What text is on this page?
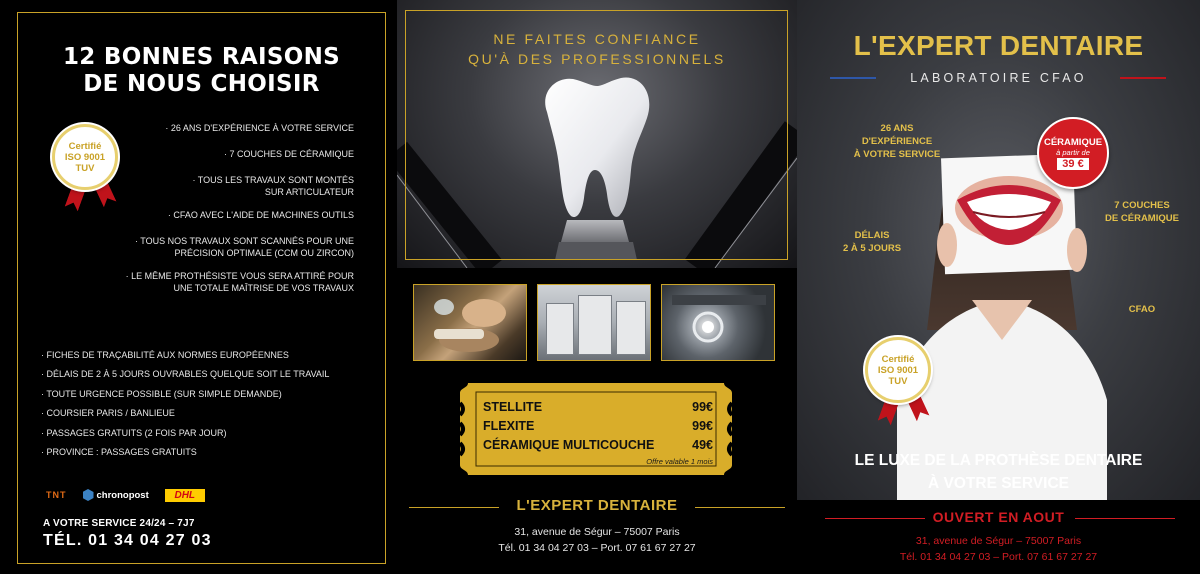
12 BONNES RAISONS
DE NOUS CHOISIR
Certifié
ISO 9001
TUV
· 26 ANS D'EXPÉRIENCE À VOTRE SERVICE
· 7 COUCHES DE CÉRAMIQUE
· TOUS LES TRAVAUX SONT MONTÉS SUR ARTICULATEUR
· CFAO AVEC L'AIDE DE MACHINES OUTILS
· TOUS NOS TRAVAUX SONT SCANNÉS POUR UNE PRÉCISION OPTIMALE (CCM OU ZIRCON)
· LE MÊME PROTHÉSISTE VOUS SERA ATTIRÉ POUR UNE TOTALE MAÎTRISE DE VOS TRAVAUX
· FICHES DE TRAÇABILITÉ AUX NORMES EUROPÉENNES
· DÉLAIS DE 2 À 5 JOURS OUVRABLES QUELQUE SOIT LE TRAVAIL
· TOUTE URGENCE POSSIBLE (SUR SIMPLE DEMANDE)
· COURSIER PARIS / BANLIEUE
· PASSAGES GRATUITS (2 FOIS PAR JOUR)
· PROVINCE : PASSAGES GRATUITS
TNT	chronopost	DHL
A VOTRE SERVICE 24/24 – 7J7
TÉL. 01 34 04 27 03
NE FAITES CONFIANCE
QU'À DES PROFESSIONNELS
STELLITE	99€
FLEXITE	99€
CÉRAMIQUE MULTICOUCHE	49€
Offre valable 1 mois
L'EXPERT DENTAIRE
31, avenue de Ségur – 75007 Paris
Tél. 01 34 04 27 03 – Port. 07 61 67 27 27
L'EXPERT DENTAIRE
LABORATOIRE CFAO
26 ANS
D'EXPÉRIENCE
À VOTRE SERVICE
7 COUCHES
DE CÉRAMIQUE
DÉLAIS
2 À 5 JOURS
CFAO
CÉRAMIQUE
à partir de
39 €
Certifié
ISO 9001
TUV
LE LUXE DE LA PROTHÈSE DENTAIRE
À VOTRE SERVICE
OUVERT EN AOUT
31, avenue de Ségur – 75007 Paris
Tél. 01 34 04 27 03 – Port. 07 61 67 27 27
